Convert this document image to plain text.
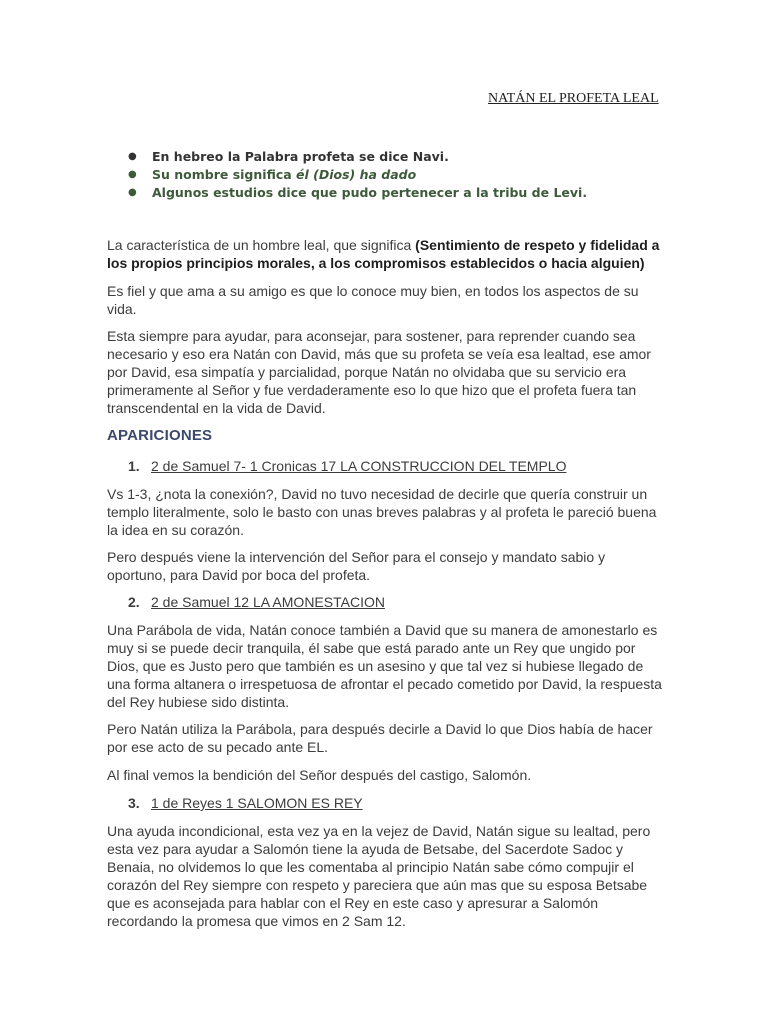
NATÁN EL PROFETA LEAL
● En hebreo la Palabra profeta se dice Navi.
● Su nombre significa él (Dios) ha dado
● Algunos estudios dice que pudo pertenecer a la tribu de Levi.

La característica de un hombre leal, que significa (Sentimiento de respeto y fidelidad a los propios principios morales, a los compromisos establecidos o hacia alguien)

Es fiel y que ama a su amigo es que lo conoce muy bien, en todos los aspectos de su vida.

Esta siempre para ayudar, para aconsejar, para sostener, para reprender cuando sea necesario y eso era Natán con David, más que su profeta se veía esa lealtad, ese amor por David, esa simpatía y parcialidad, porque Natán no olvidaba que su servicio era primeramente al Señor y fue verdaderamente eso lo que hizo que el profeta fuera tan transcendental en la vida de David.

APARICIONES
1. 2 de Samuel 7- 1 Cronicas 17 LA CONSTRUCCION DEL TEMPLO

Vs 1-3, ¿nota la conexión?, David no tuvo necesidad de decirle que quería construir un templo literalmente, solo le basto con unas breves palabras y al profeta le pareció buena la idea en su corazón.

Pero después viene la intervención del Señor para el consejo y mandato sabio y oportuno, para David por boca del profeta.

2. 2 de Samuel 12 LA AMONESTACION

Una Parábola de vida, Natán conoce también a David que su manera de amonestarlo es muy si se puede decir tranquila, él sabe que está parado ante un Rey que ungido por Dios, que es Justo pero que también es un asesino y que tal vez si hubiese llegado de una forma altanera o irrespetuosa de afrontar el pecado cometido por David, la respuesta del Rey hubiese sido distinta.

Pero Natán utiliza la Parábola, para después decirle a David lo que Dios había de hacer por ese acto de su pecado ante EL.

Al final vemos la bendición del Señor después del castigo, Salomón.

3. 1 de Reyes 1 SALOMON ES REY

Una ayuda incondicional, esta vez ya en la vejez de David, Natán sigue su lealtad, pero esta vez para ayudar a Salomón tiene la ayuda de Betsabe, del Sacerdote Sadoc y Benaia, no olvidemos lo que les comentaba al principio Natán sabe cómo compujir el corazón del Rey siempre con respeto y pareciera que aún mas que su esposa Betsabe que es aconsejada para hablar con el Rey en este caso y apresurar a Salomón recordando la promesa que vimos en 2 Sam 12.
